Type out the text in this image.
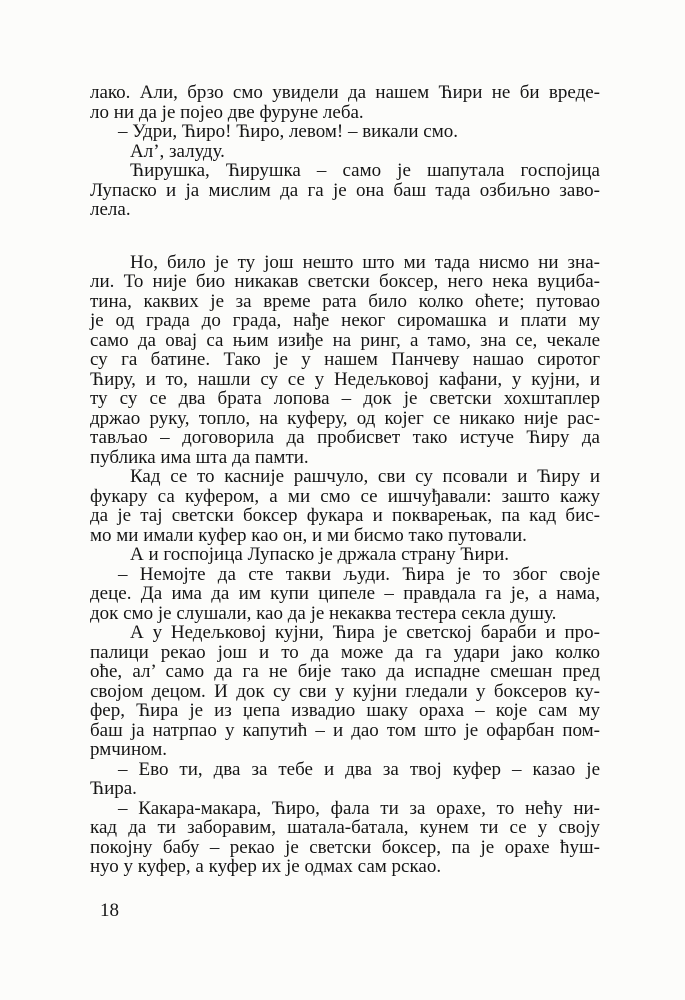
лако. Али, брзо смо увидели да нашем Ћири не би вреде-
ло ни да је појео две фуруне леба.
– Удри, Ћиро! Ћиро, левом! – викали смо.
Ал’, залуду.
Ћирушка, Ћирушка – само је шапутала госпојица
Лупаско и ја мислим да га је она баш тада озбиљно заво-
лела.
Но, било је ту још нешто што ми тада нисмо ни зна-
ли. То није био никакав светски боксер, него нека вуциба-
тина, каквих је за време рата било колко оћете; путовао
је од града до града, нађе неког сиромашка и плати му
само да овај са њим изиђе на ринг, а тамо, зна се, чекале
су га батине. Тако је у нашем Панчеву нашао сиротог
Ћиру, и то, нашли су се у Недељковој кафани, у кујни, и
ту су се два брата лопова – док је светски хохштаплер
држао руку, топло, на куферу, од којег се никако није рас-
тављао – договорила да пробисвет тако истуче Ћиру да
публика има шта да памти.
Кад се то касније рашчуло, сви су псовали и Ћиру и
фукару са куфером, а ми смо се ишчуђавали: зашто кажу
да је тај светски боксер фукара и покварењак, па кад бис-
мо ми имали куфер као он, и ми бисмо тако путовали.
А и госпојица Лупаско је држала страну Ћири.
– Немојте да сте такви људи. Ћира је то због своје
деце. Да има да им купи ципеле – правдала га је, а нама,
док смо је слушали, као да је некаква тестера секла душу.
А у Недељковој кујни, Ћира је светској бараби и про-
палици рекао још и то да може да га удари јако колко
оће, ал’ само да га не бије тако да испадне смешан пред
својом децом. И док су сви у кујни гледали у боксеров ку-
фер, Ћира је из џепа извадио шаку ораха – које сам му
баш ја натрпао у капутић – и дао том што је офарбан пом-
рмчином.
– Ево ти, два за тебе и два за твој куфер – казао је
Ћира.
– Какара-макара, Ћиро, фала ти за орахе, то нећу ни-
кад да ти заборавим, шатала-батала, кунем ти се у своју
покојну бабу – рекао је светски боксер, па је орахе ћуш-
нуо у куфер, а куфер их је одмах сам рскао.
18
